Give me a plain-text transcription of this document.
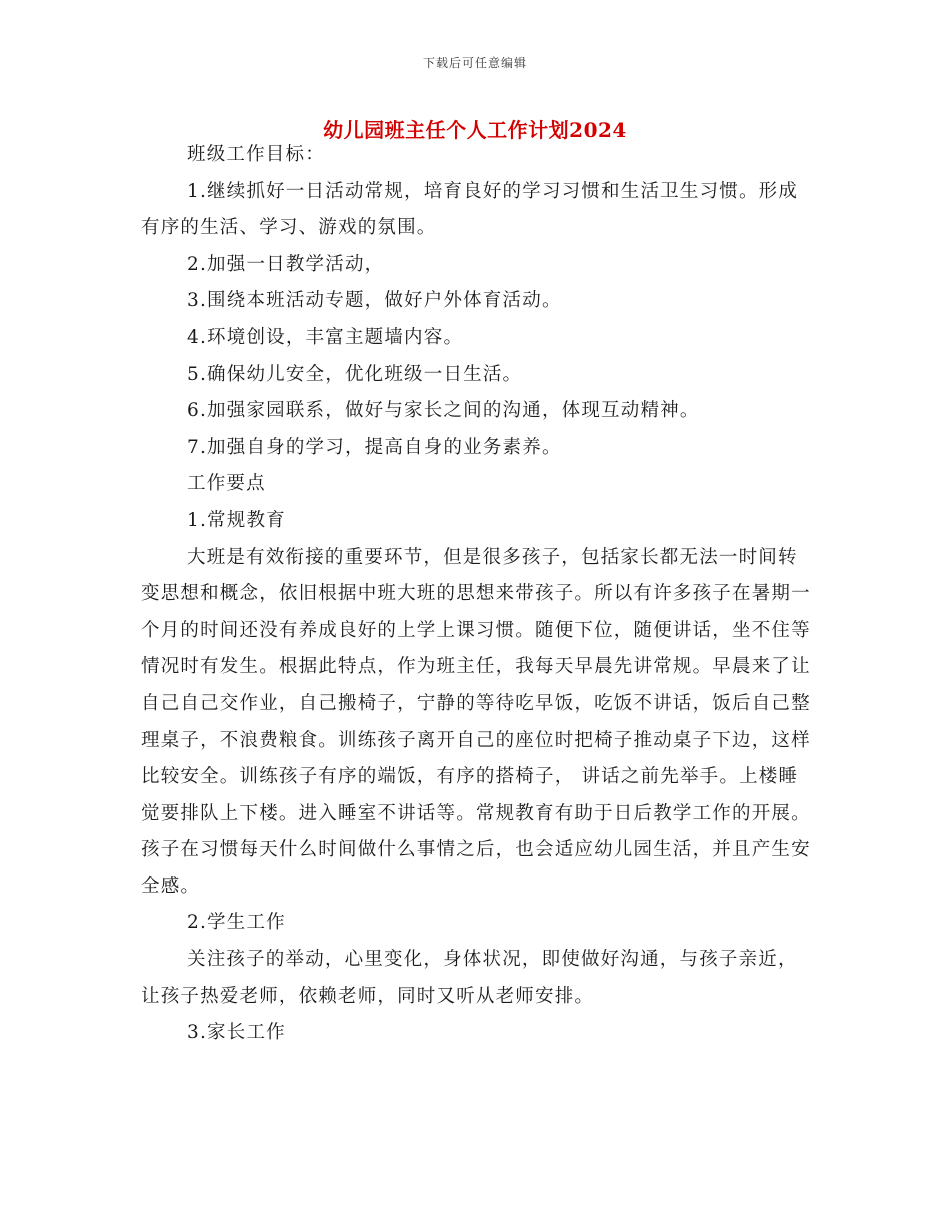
下载后可任意编辑
幼儿园班主任个人工作计划2024

班级工作目标：

1.继续抓好一日活动常规，培育良好的学习习惯和生活卫生习惯。形成有序的生活、学习、游戏的氛围。

2.加强一日教学活动，

3.围绕本班活动专题，做好户外体育活动。

4.环境创设，丰富主题墙内容。

5.确保幼儿安全，优化班级一日生活。

6.加强家园联系，做好与家长之间的沟通，体现互动精神。

7.加强自身的学习，提高自身的业务素养。

工作要点

1.常规教育

大班是有效衔接的重要环节，但是很多孩子，包括家长都无法一时间转变思想和概念，依旧根据中班大班的思想来带孩子。所以有许多孩子在暑期一个月的时间还没有养成良好的上学上课习惯。随便下位，随便讲话，坐不住等情况时有发生。根据此特点，作为班主任，我每天早晨先讲常规。早晨来了让自己自己交作业，自己搬椅子，宁静的等待吃早饭，吃饭不讲话，饭后自己整理桌子，不浪费粮食。训练孩子离开自己的座位时把椅子推动桌子下边，这样比较安全。训练孩子有序的端饭，有序的搭椅子， 讲话之前先举手。上楼睡觉要排队上下楼。进入睡室不讲话等。常规教育有助于日后教学工作的开展。孩子在习惯每天什么时间做什么事情之后，也会适应幼儿园生活，并且产生安全感。

2.学生工作

关注孩子的举动，心里变化，身体状况，即使做好沟通，与孩子亲近，让孩子热爱老师，依赖老师，同时又听从老师安排。

3.家长工作
